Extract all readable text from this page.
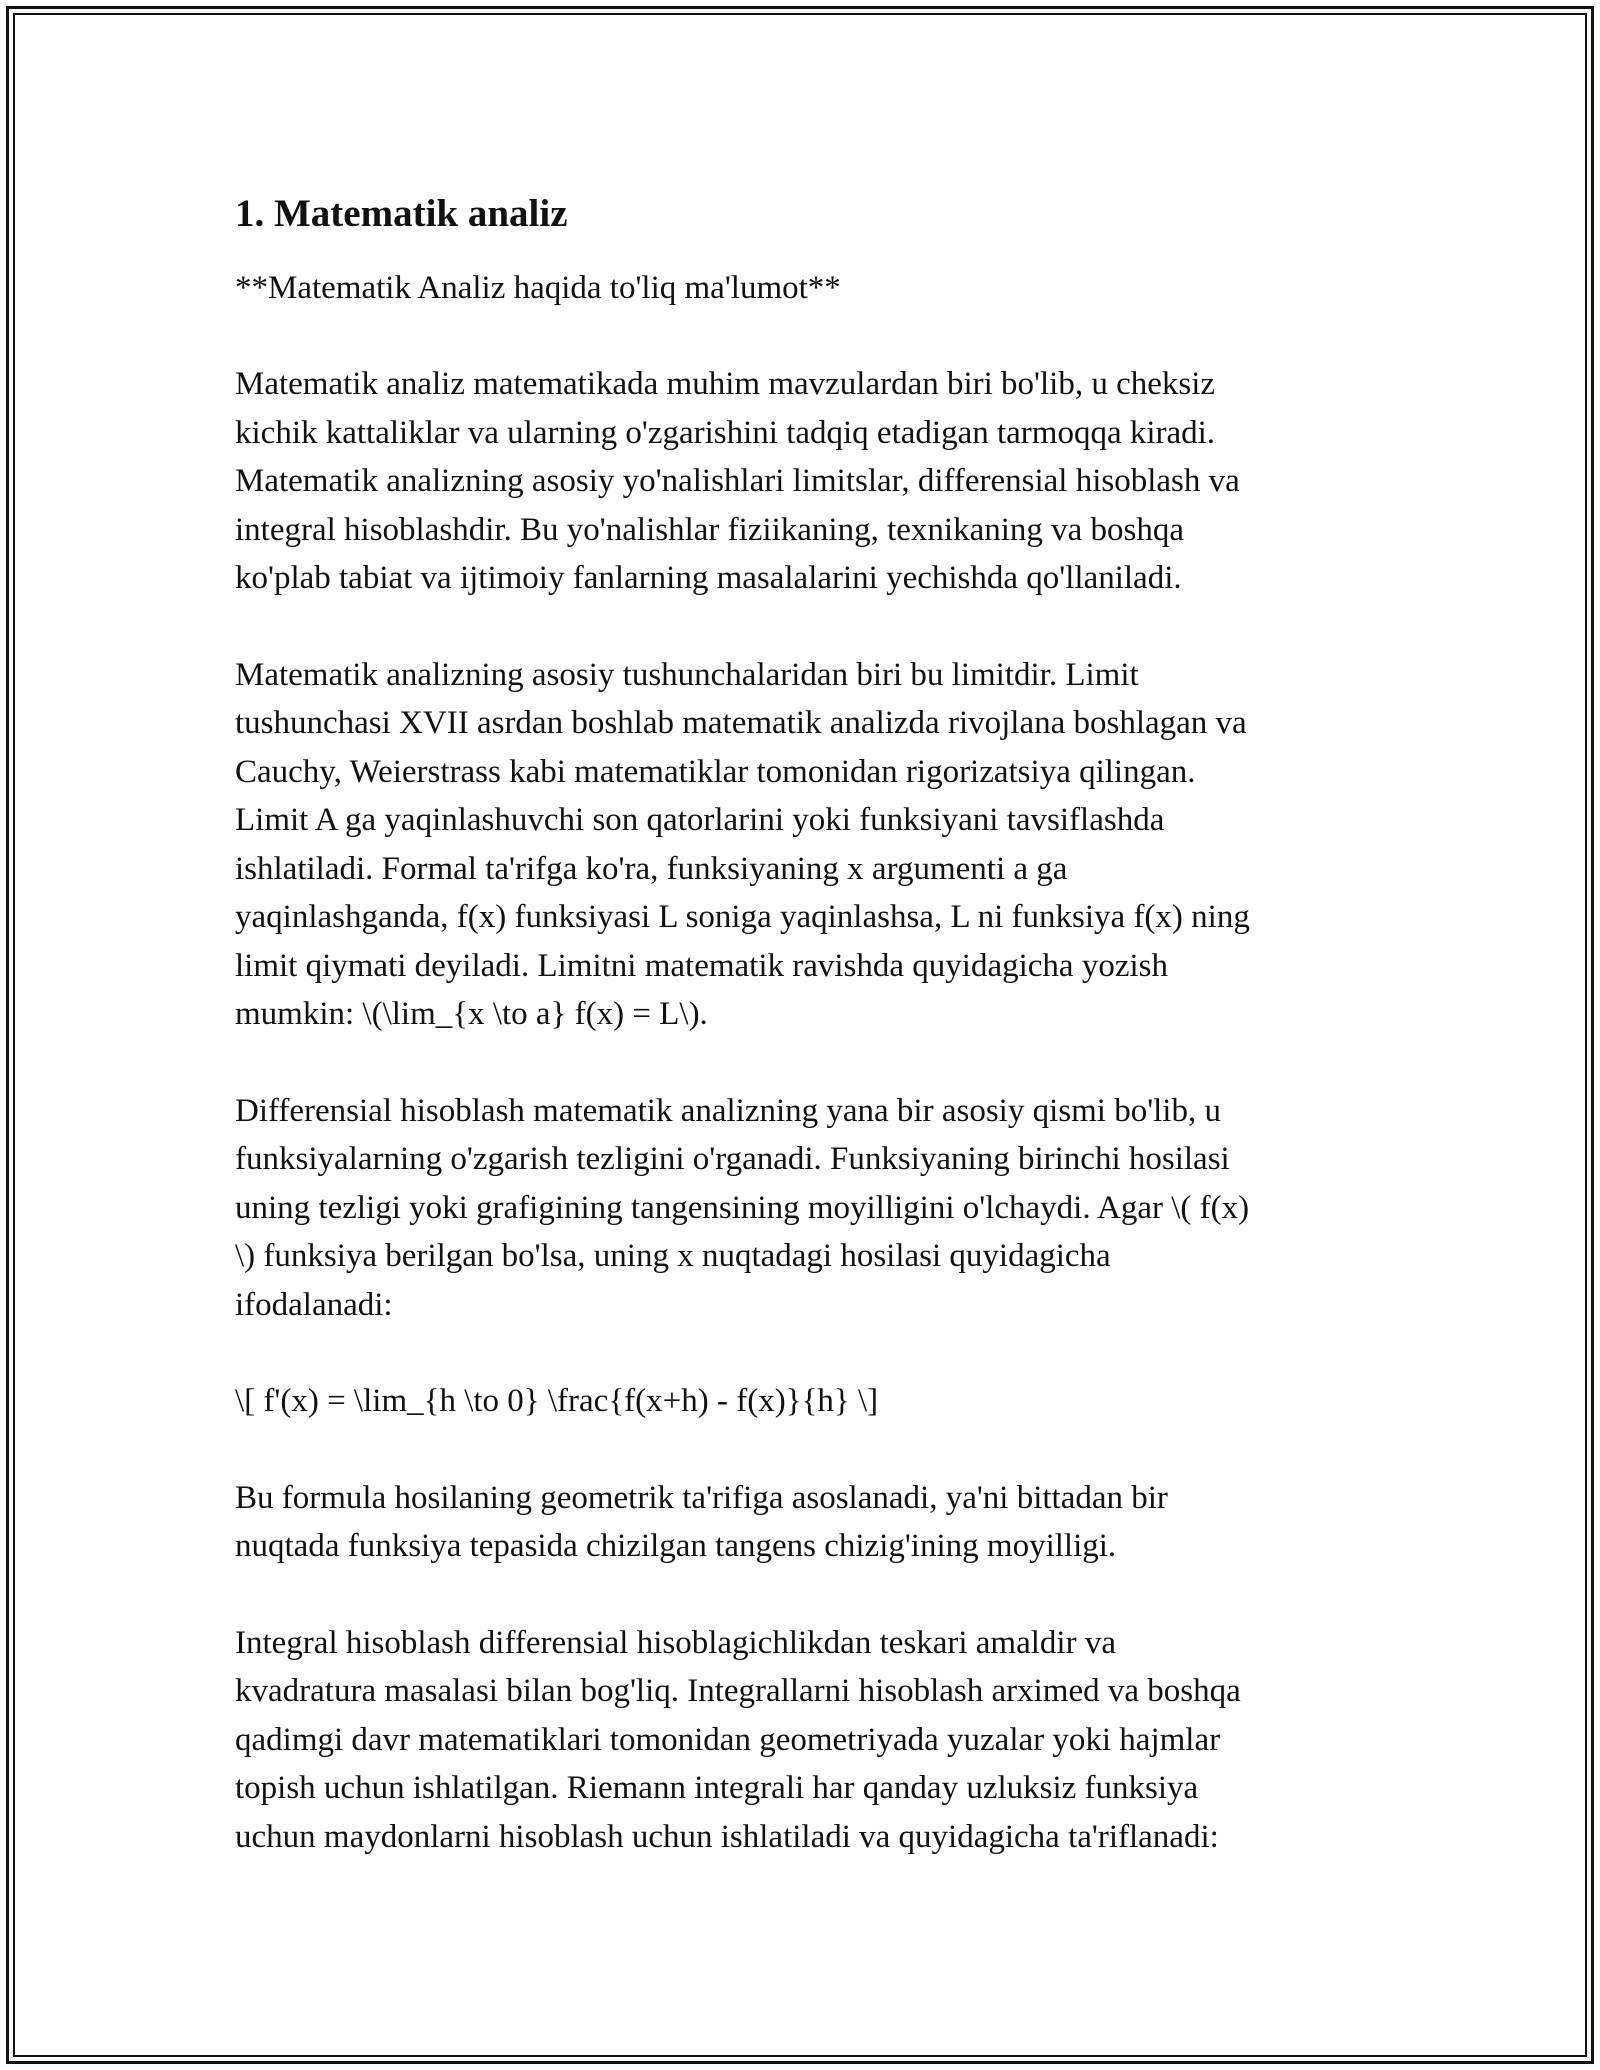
1. Matematik analiz

**Matematik Analiz haqida to'liq ma'lumot**

Matematik analiz matematikada muhim mavzulardan biri bo'lib, u cheksiz
kichik kattaliklar va ularning o'zgarishini tadqiq etadigan tarmoqqa kiradi.
Matematik analizning asosiy yo'nalishlari limitslar, differensial hisoblash va
integral hisoblashdir. Bu yo'nalishlar fiziikaning, texnikaning va boshqa
ko'plab tabiat va ijtimoiy fanlarning masalalarini yechishda qo'llaniladi.

Matematik analizning asosiy tushunchalaridan biri bu limitdir. Limit
tushunchasi XVII asrdan boshlab matematik analizda rivojlana boshlagan va
Cauchy, Weierstrass kabi matematiklar tomonidan rigorizatsiya qilingan.
Limit A ga yaqinlashuvchi son qatorlarini yoki funksiyani tavsiflashda
ishlatiladi. Formal ta'rifga ko'ra, funksiyaning x argumenti a ga
yaqinlashganda, f(x) funksiyasi L soniga yaqinlashsa, L ni funksiya f(x) ning
limit qiymati deyiladi. Limitni matematik ravishda quyidagicha yozish
mumkin: \(\lim_{x \to a} f(x) = L\).

Differensial hisoblash matematik analizning yana bir asosiy qismi bo'lib, u
funksiyalarning o'zgarish tezligini o'rganadi. Funksiyaning birinchi hosilasi
uning tezligi yoki grafigining tangensining moyilligini o'lchaydi. Agar \( f(x)
\) funksiya berilgan bo'lsa, uning x nuqtadagi hosilasi quyidagicha
ifodalanadi:

\[ f'(x) = \lim_{h \to 0} \frac{f(x+h) - f(x)}{h} \]

Bu formula hosilaning geometrik ta'rifiga asoslanadi, ya'ni bittadan bir
nuqtada funksiya tepasida chizilgan tangens chizig'ining moyilligi.

Integral hisoblash differensial hisoblagichlikdan teskari amaldir va
kvadratura masalasi bilan bog'liq. Integrallarni hisoblash arximed va boshqa
qadimgi davr matematiklari tomonidan geometriyada yuzalar yoki hajmlar
topish uchun ishlatilgan. Riemann integrali har qanday uzluksiz funksiya
uchun maydonlarni hisoblash uchun ishlatiladi va quyidagicha ta'riflanadi:
